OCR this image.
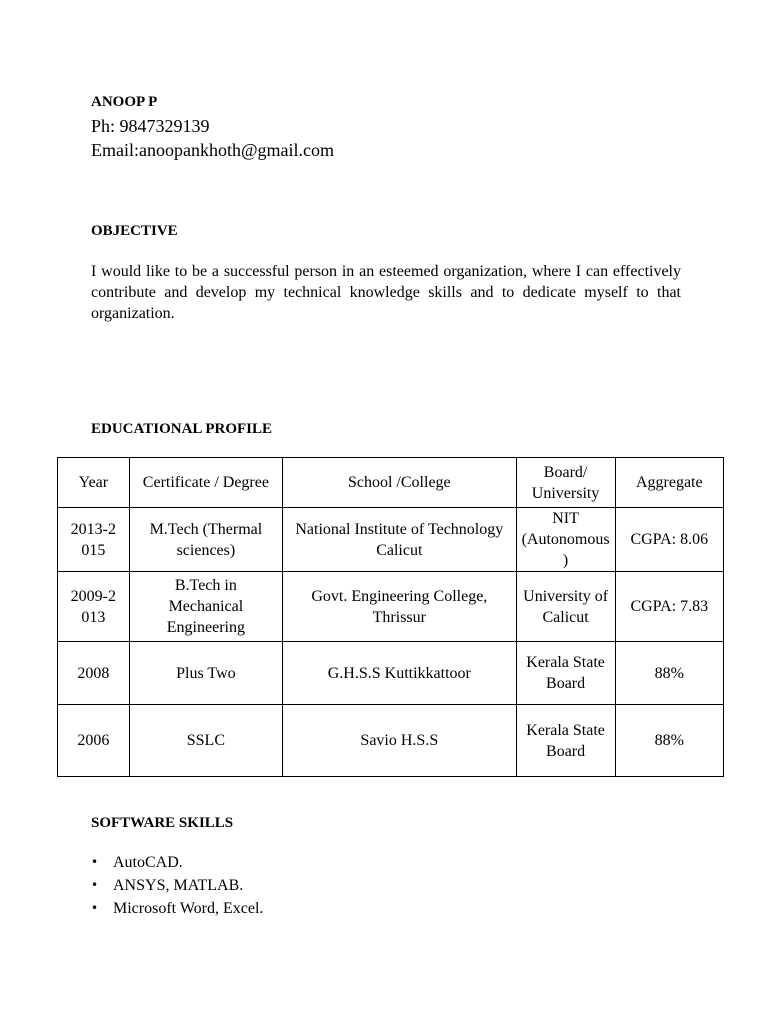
ANOOP P
Ph: 9847329139
Email:anoopankhoth@gmail.com
OBJECTIVE
I would like to be a successful person in an esteemed organization, where I can effectively contribute and develop my technical knowledge skills and to dedicate myself to that organization.
EDUCATIONAL PROFILE
Year	Certificate / Degree	School /College	Board/ University	Aggregate
2013-2015	M.Tech (Thermal sciences)	National Institute of Technology Calicut	NIT (Autonomous )	CGPA: 8.06
2009-2013	B.Tech in Mechanical Engineering	Govt. Engineering College, Thrissur	University of Calicut	CGPA: 7.83
2008	Plus Two	G.H.S.S Kuttikkattoor	Kerala State Board	88%
2006	SSLC	Savio H.S.S	Kerala State Board	88%
SOFTWARE SKILLS
• AutoCAD.
• ANSYS, MATLAB.
• Microsoft Word, Excel.
